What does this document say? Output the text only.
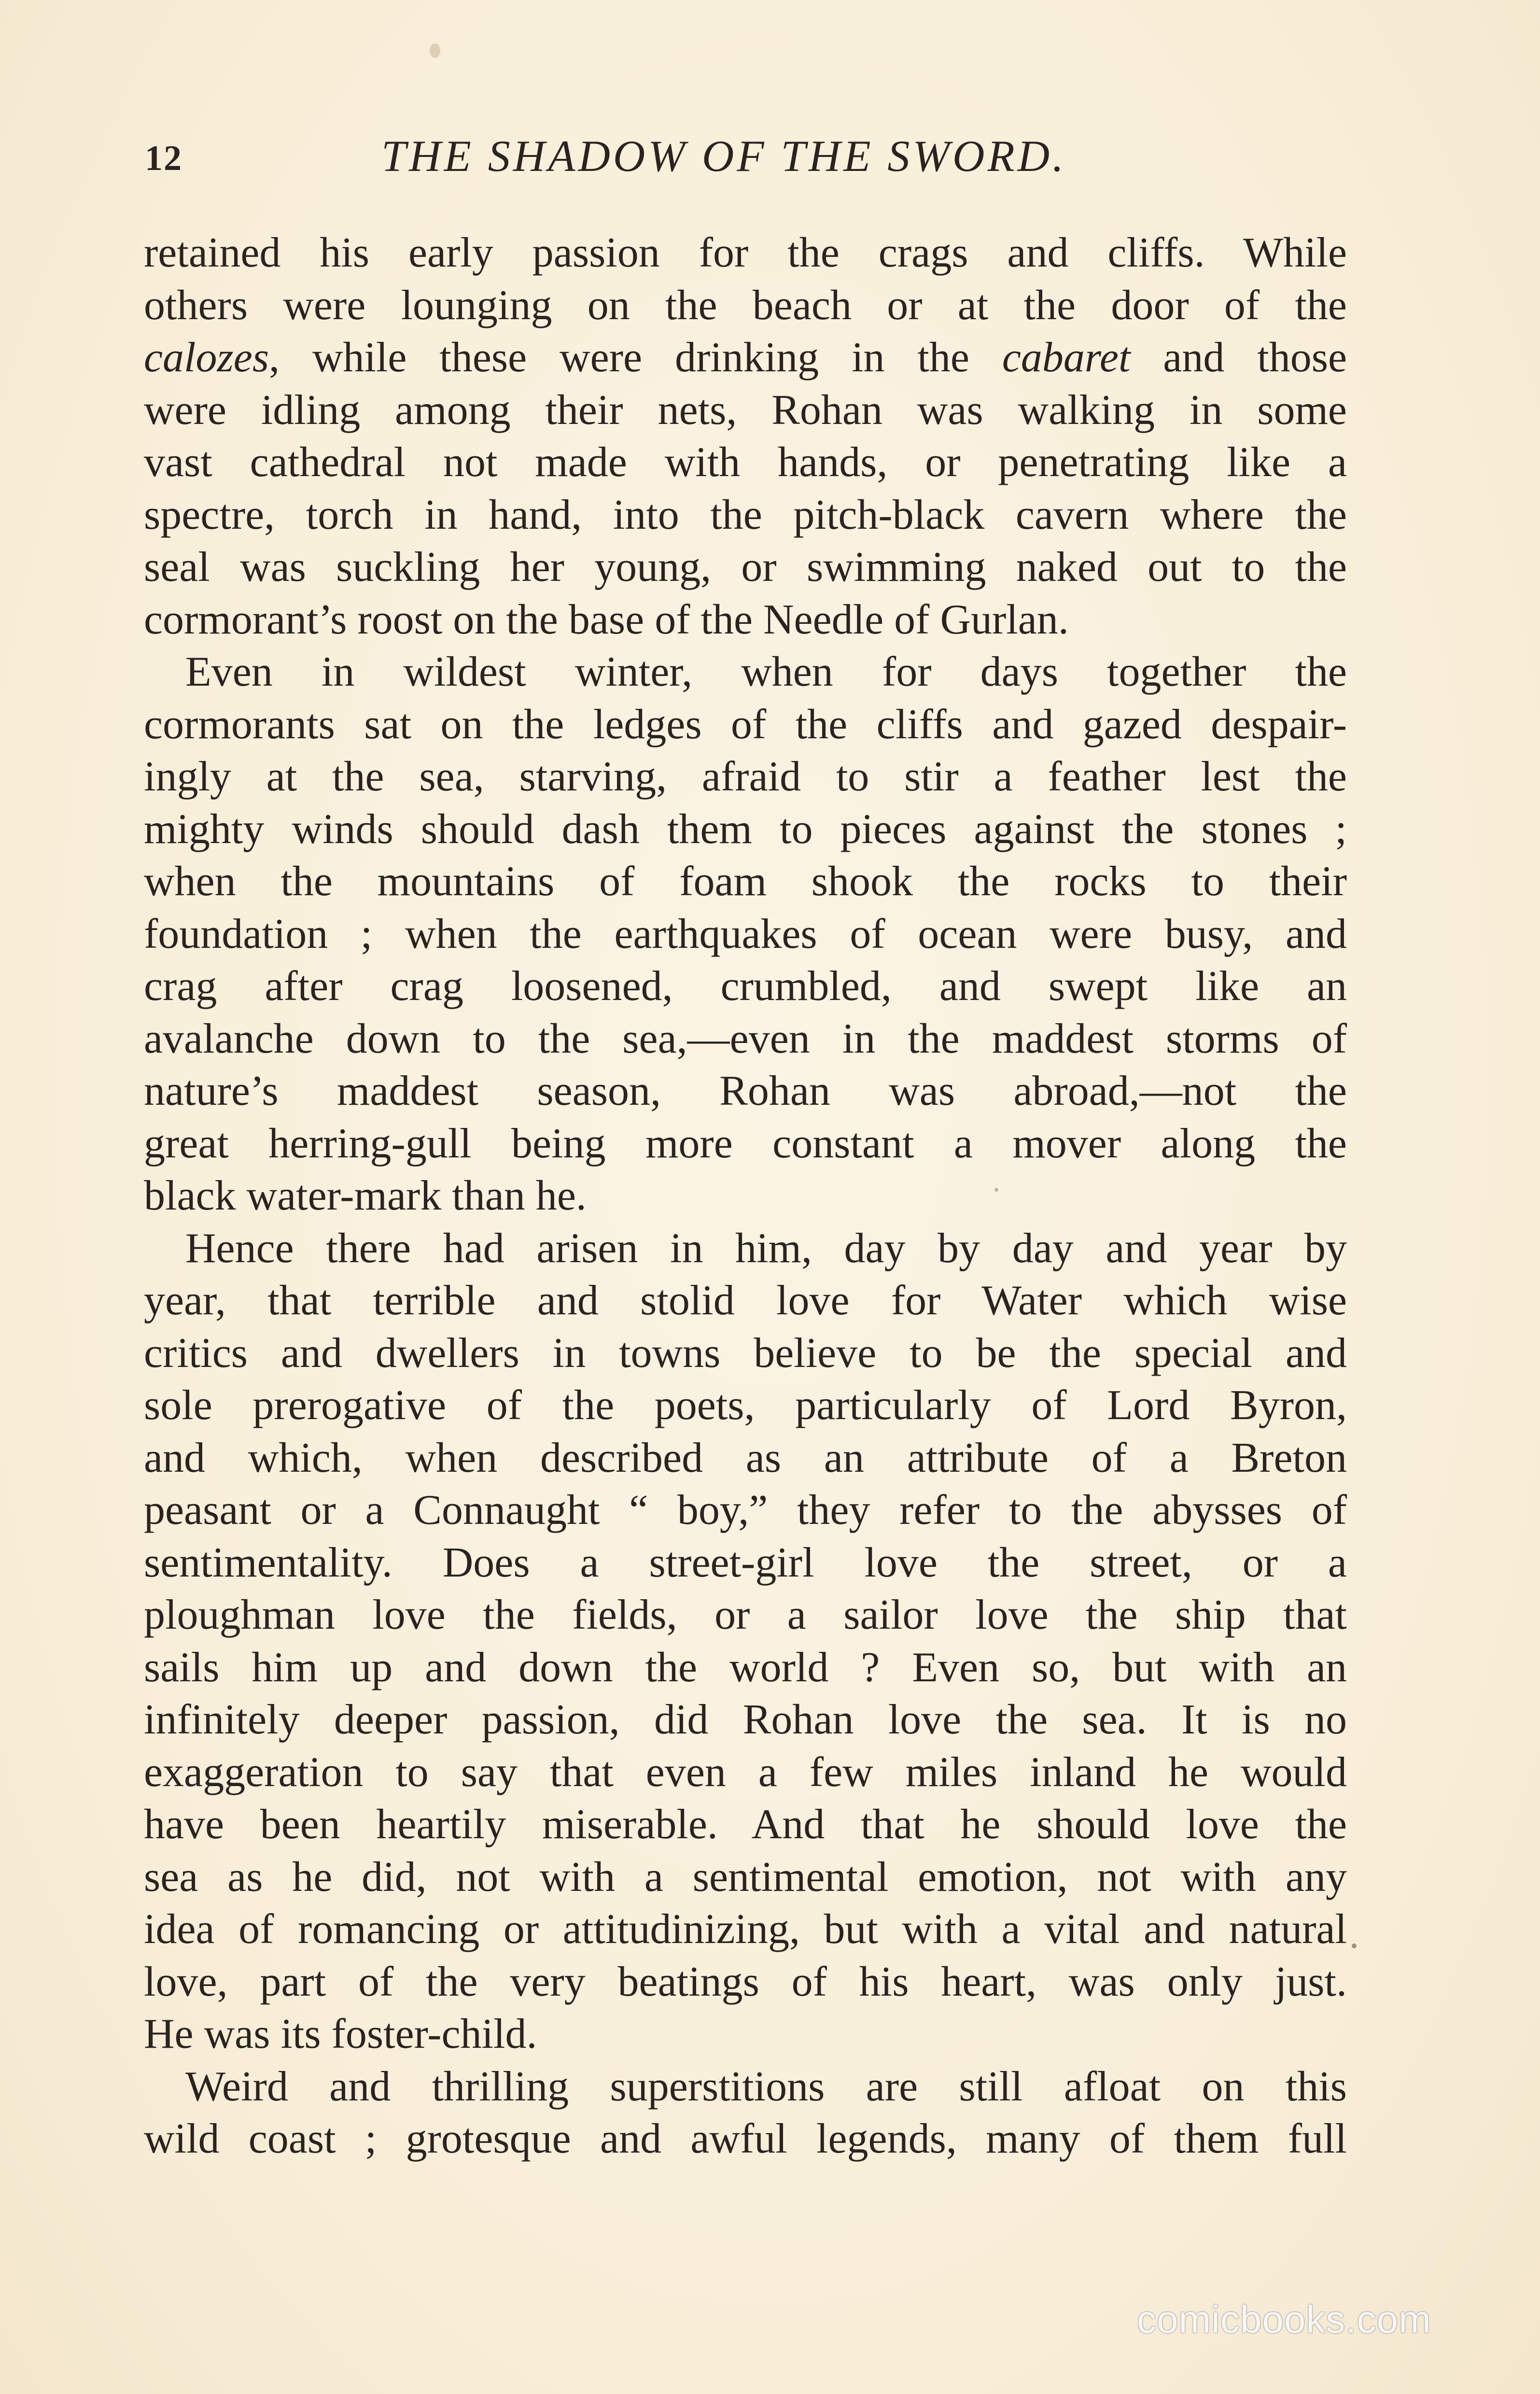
12	THE SHADOW OF THE SWORD.
retained his early passion for the crags and cliffs. While
others were lounging on the beach or at the door of the
calozes, while these were drinking in the cabaret and those
were idling among their nets, Rohan was walking in some
vast cathedral not made with hands, or penetrating like a
spectre, torch in hand, into the pitch-black cavern where the
seal was suckling her young, or swimming naked out to the
cormorant’s roost on the base of the Needle of Gurlan.
Even in wildest winter, when for days together the
cormorants sat on the ledges of the cliffs and gazed despair-
ingly at the sea, starving, afraid to stir a feather lest the
mighty winds should dash them to pieces against the stones ;
when the mountains of foam shook the rocks to their
foundation ; when the earthquakes of ocean were busy, and
crag after crag loosened, crumbled, and swept like an
avalanche down to the sea,—even in the maddest storms of
nature’s maddest season, Rohan was abroad,—not the
great herring-gull being more constant a mover along the
black water-mark than he.
Hence there had arisen in him, day by day and year by
year, that terrible and stolid love for Water which wise
critics and dwellers in towns believe to be the special and
sole prerogative of the poets, particularly of Lord Byron,
and which, when described as an attribute of a Breton
peasant or a Connaught “ boy,” they refer to the abysses of
sentimentality. Does a street-girl love the street, or a
ploughman love the fields, or a sailor love the ship that
sails him up and down the world ? Even so, but with an
infinitely deeper passion, did Rohan love the sea. It is no
exaggeration to say that even a few miles inland he would
have been heartily miserable. And that he should love the
sea as he did, not with a sentimental emotion, not with any
idea of romancing or attitudinizing, but with a vital and natural
love, part of the very beatings of his heart, was only just.
He was its foster-child.
Weird and thrilling superstitions are still afloat on this
wild coast ; grotesque and awful legends, many of them full
comicbooks.com
